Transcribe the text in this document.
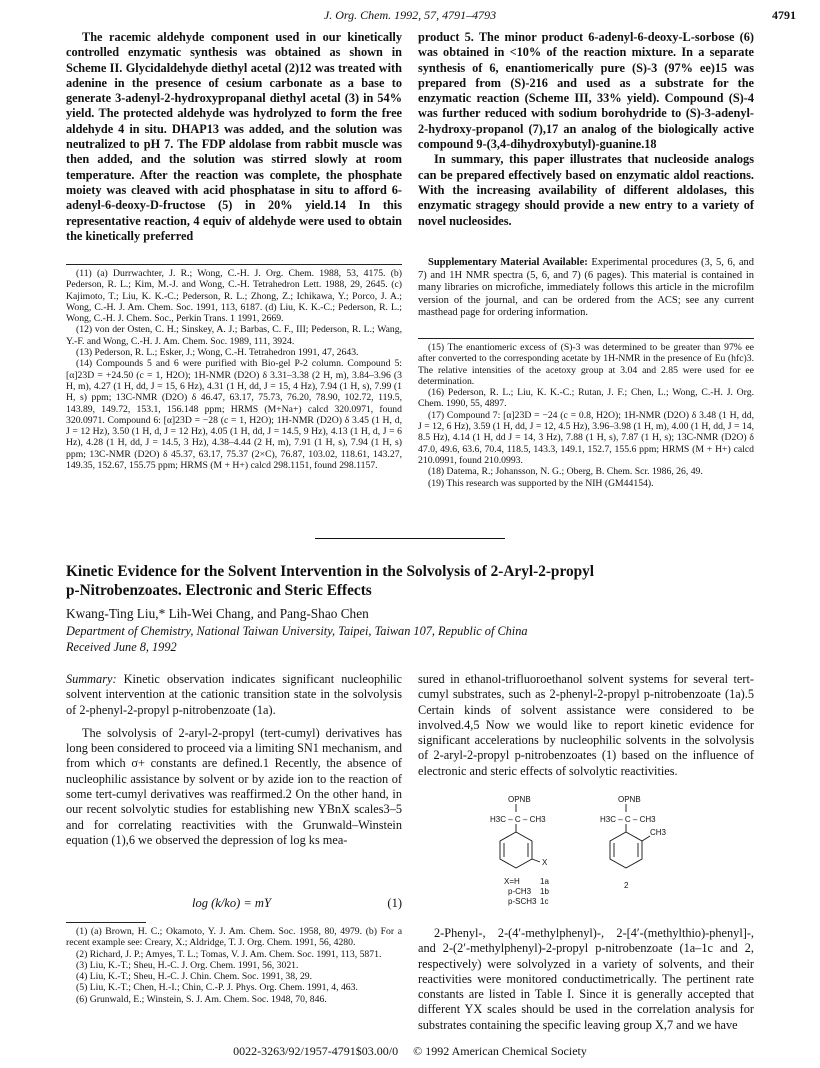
J. Org. Chem. 1992, 57, 4791–4793	4791

The racemic aldehyde component used in our kinetically controlled enzymatic synthesis was obtained as shown in Scheme II. Glycidaldehyde diethyl acetal (2)12 was treated with adenine in the presence of cesium carbonate as a base to generate 3-adenyl-2-hydroxypropanal diethyl acetal (3) in 54% yield. The protected aldehyde was hydrolyzed to form the free aldehyde 4 in situ. DHAP13 was added, and the solution was neutralized to pH 7. The FDP aldolase from rabbit muscle was then added, and the solution was stirred slowly at room temperature. After the reaction was complete, the phosphate moiety was cleaved with acid phosphatase in situ to afford 6-adenyl-6-deoxy-D-fructose (5) in 20% yield.14 In this representative reaction, 4 equiv of aldehyde were used to obtain the kinetically preferred

(11) (a) Durrwachter, J. R.; Wong, C.-H. J. Org. Chem. 1988, 53, 4175. (b) Pederson, R. L.; Kim, M.-J. and Wong, C.-H. Tetrahedron Lett. 1988, 29, 2645. (c) Kajimoto, T.; Liu, K. K.-C.; Pederson, R. L.; Zhong, Z.; Ichikawa, Y.; Porco, J. A.; Wong, C.-H. J. Am. Chem. Soc. 1991, 113, 6187. (d) Liu, K. K.-C.; Pederson, R. L.; Wong, C.-H. J. Chem. Soc., Perkin Trans. 1 1991, 2669.

(12) von der Osten, C. H.; Sinskey, A. J.; Barbas, C. F., III; Pederson, R. L.; Wang, Y.-F. and Wong, C.-H. J. Am. Chem. Soc. 1989, 111, 3924.

(13) Pederson, R. L.; Esker, J.; Wong, C.-H. Tetrahedron 1991, 47, 2643.

(14) Compounds 5 and 6 were purified with Bio-gel P-2 column. Compound 5: [α]23D = +24.50 (c = 1, H2O); 1H-NMR (D2O) δ 3.31–3.38 (2 H, m), 3.84–3.96 (3 H, m), 4.27 (1 H, dd, J = 15, 6 Hz), 4.31 (1 H, dd, J = 15, 4 Hz), 7.94 (1 H, s), 7.99 (1 H, s) ppm; 13C-NMR (D2O) δ 46.47, 63.17, 75.73, 76.20, 78.90, 102.72, 119.5, 143.89, 149.72, 153.1, 156.148 ppm; HRMS (M+Na+) calcd 320.0971, found 320.0971. Compound 6: [α]23D = −28 (c = 1, H2O); 1H-NMR (D2O) δ 3.45 (1 H, d, J = 12 Hz), 3.50 (1 H, d, J = 12 Hz), 4.05 (1 H, dd, J = 14.5, 9 Hz), 4.13 (1 H, d, J = 6 Hz), 4.28 (1 H, dd, J = 14.5, 3 Hz), 4.38–4.44 (2 H, m), 7.91 (1 H, s), 7.94 (1 H, s) ppm; 13C-NMR (D2O) δ 45.37, 63.17, 75.37 (2×C), 76.87, 103.02, 118.61, 143.27, 149.35, 152.67, 155.75 ppm; HRMS (M + H+) calcd 298.1151, found 298.1157.

product 5. The minor product 6-adenyl-6-deoxy-L-sorbose (6) was obtained in <10% of the reaction mixture. In a separate synthesis of 6, enantiomerically pure (S)-3 (97% ee)15 was prepared from (S)-216 and used as a substrate for the enzymatic reaction (Scheme III, 33% yield). Compound (S)-4 was further reduced with sodium borohydride to (S)-3-adenyl-2-hydroxy-propanol (7),17 an analog of the biologically active compound 9-(3,4-dihydroxybutyl)-guanine.18

In summary, this paper illustrates that nucleoside analogs can be prepared effectively based on enzymatic aldol reactions. With the increasing availability of different aldolases, this enzymatic stragegy should provide a new entry to a variety of novel nucleosides.

Supplementary Material Available: Experimental procedures (3, 5, 6, and 7) and 1H NMR spectra (5, 6, and 7) (6 pages). This material is contained in many libraries on microfiche, immediately follows this article in the microfilm version of the journal, and can be ordered from the ACS; see any current masthead page for ordering information.

(15) The enantiomeric excess of (S)-3 was determined to be greater than 97% ee after converted to the corresponding acetate by 1H-NMR in the presence of Eu (hfc)3. The relative intensities of the acetoxy group at 3.04 and 2.85 were used for ee determination.

(16) Pederson, R. L.; Liu, K. K.-C.; Rutan, J. F.; Chen, L.; Wong, C.-H. J. Org. Chem. 1990, 55, 4897.

(17) Compound 7: [α]23D = −24 (c = 0.8, H2O); 1H-NMR (D2O) δ 3.48 (1 H, dd, J = 12, 6 Hz), 3.59 (1 H, dd, J = 12, 4.5 Hz), 3.96–3.98 (1 H, m), 4.00 (1 H, dd, J = 14, 8.5 Hz), 4.14 (1 H, dd J = 14, 3 Hz), 7.88 (1 H, s), 7.87 (1 H, s); 13C-NMR (D2O) δ 47.0, 49.6, 63.6, 70.4, 118.5, 143.3, 149.1, 152.7, 155.6 ppm; HRMS (M + H+) calcd 210.0991, found 210.0993.

(18) Datema, R.; Johansson, N. G.; Oberg, B. Chem. Scr. 1986, 26, 49.

(19) This research was supported by the NIH (GM44154).

Kinetic Evidence for the Solvent Intervention in the Solvolysis of 2-Aryl-2-propyl
p-Nitrobenzoates. Electronic and Steric Effects
Kwang-Ting Liu,* Lih-Wei Chang, and Pang-Shao Chen
Department of Chemistry, National Taiwan University, Taipei, Taiwan 107, Republic of China
Received June 8, 1992

Summary: Kinetic observation indicates significant nucleophilic solvent intervention at the cationic transition state in the solvolysis of 2-phenyl-2-propyl p-nitrobenzoate (1a).

The solvolysis of 2-aryl-2-propyl (tert-cumyl) derivatives has long been considered to proceed via a limiting SN1 mechanism, and from which σ+ constants are defined.1 Recently, the absence of nucleophilic assistance by solvent or by azide ion to the reaction of some tert-cumyl derivatives was reaffirmed.2 On the other hand, in our recent solvolytic studies for establishing new YBnX scales3–5 and for correlating reactivities with the Grunwald–Winstein equation (1),6 we observed the depression of log ks mea-

log (k/ko) = mY	(1)

(1) (a) Brown, H. C.; Okamoto, Y. J. Am. Chem. Soc. 1958, 80, 4979. (b) For a recent example see: Creary, X.; Aldridge, T. J. Org. Chem. 1991, 56, 4280.

(2) Richard, J. P.; Amyes, T. L.; Tomas, V. J. Am. Chem. Soc. 1991, 113, 5871.

(3) Liu, K.-T.; Sheu, H.-C. J. Org. Chem. 1991, 56, 3021.

(4) Liu, K.-T.; Sheu, H.-C. J. Chin. Chem. Soc. 1991, 38, 29.

(5) Liu, K.-T.; Chen, H.-I.; Chin, C.-P. J. Phys. Org. Chem. 1991, 4, 463.

(6) Grunwald, E.; Winstein, S. J. Am. Chem. Soc. 1948, 70, 846.

sured in ethanol-trifluoroethanol solvent systems for several tert-cumyl substrates, such as 2-phenyl-2-propyl p-nitrobenzoate (1a).5 Certain kinds of solvent assistance were considered to be involved.4,5 Now we would like to report kinetic evidence for significant accelerations by nucleophilic solvents in the solvolysis of 2-aryl-2-propyl p-nitrobenzoates (1) based on the influence of electronic and steric effects of solvolytic reactivities.

OPNB
H3C – C – CH3
X
OPNB
H3C – C – CH3
CH3
X=H	1a
p-CH3 1b
p-SCH3 1c
2

2-Phenyl-, 2-(4′-methylphenyl)-, 2-[4′-(methylthio)-phenyl]-, and 2-(2′-methylphenyl)-2-propyl p-nitrobenzoate (1a–1c and 2, respectively) were solvolyzed in a variety of solvents, and their reactivities were monitored conductimetrically. The pertinent rate constants are listed in Table I. Since it is generally accepted that different YX scales should be used in the correlation analysis for substrates containing the specific leaving group X,7 and we have

0022-3263/92/1957-4791$03.00/0 © 1992 American Chemical Society
